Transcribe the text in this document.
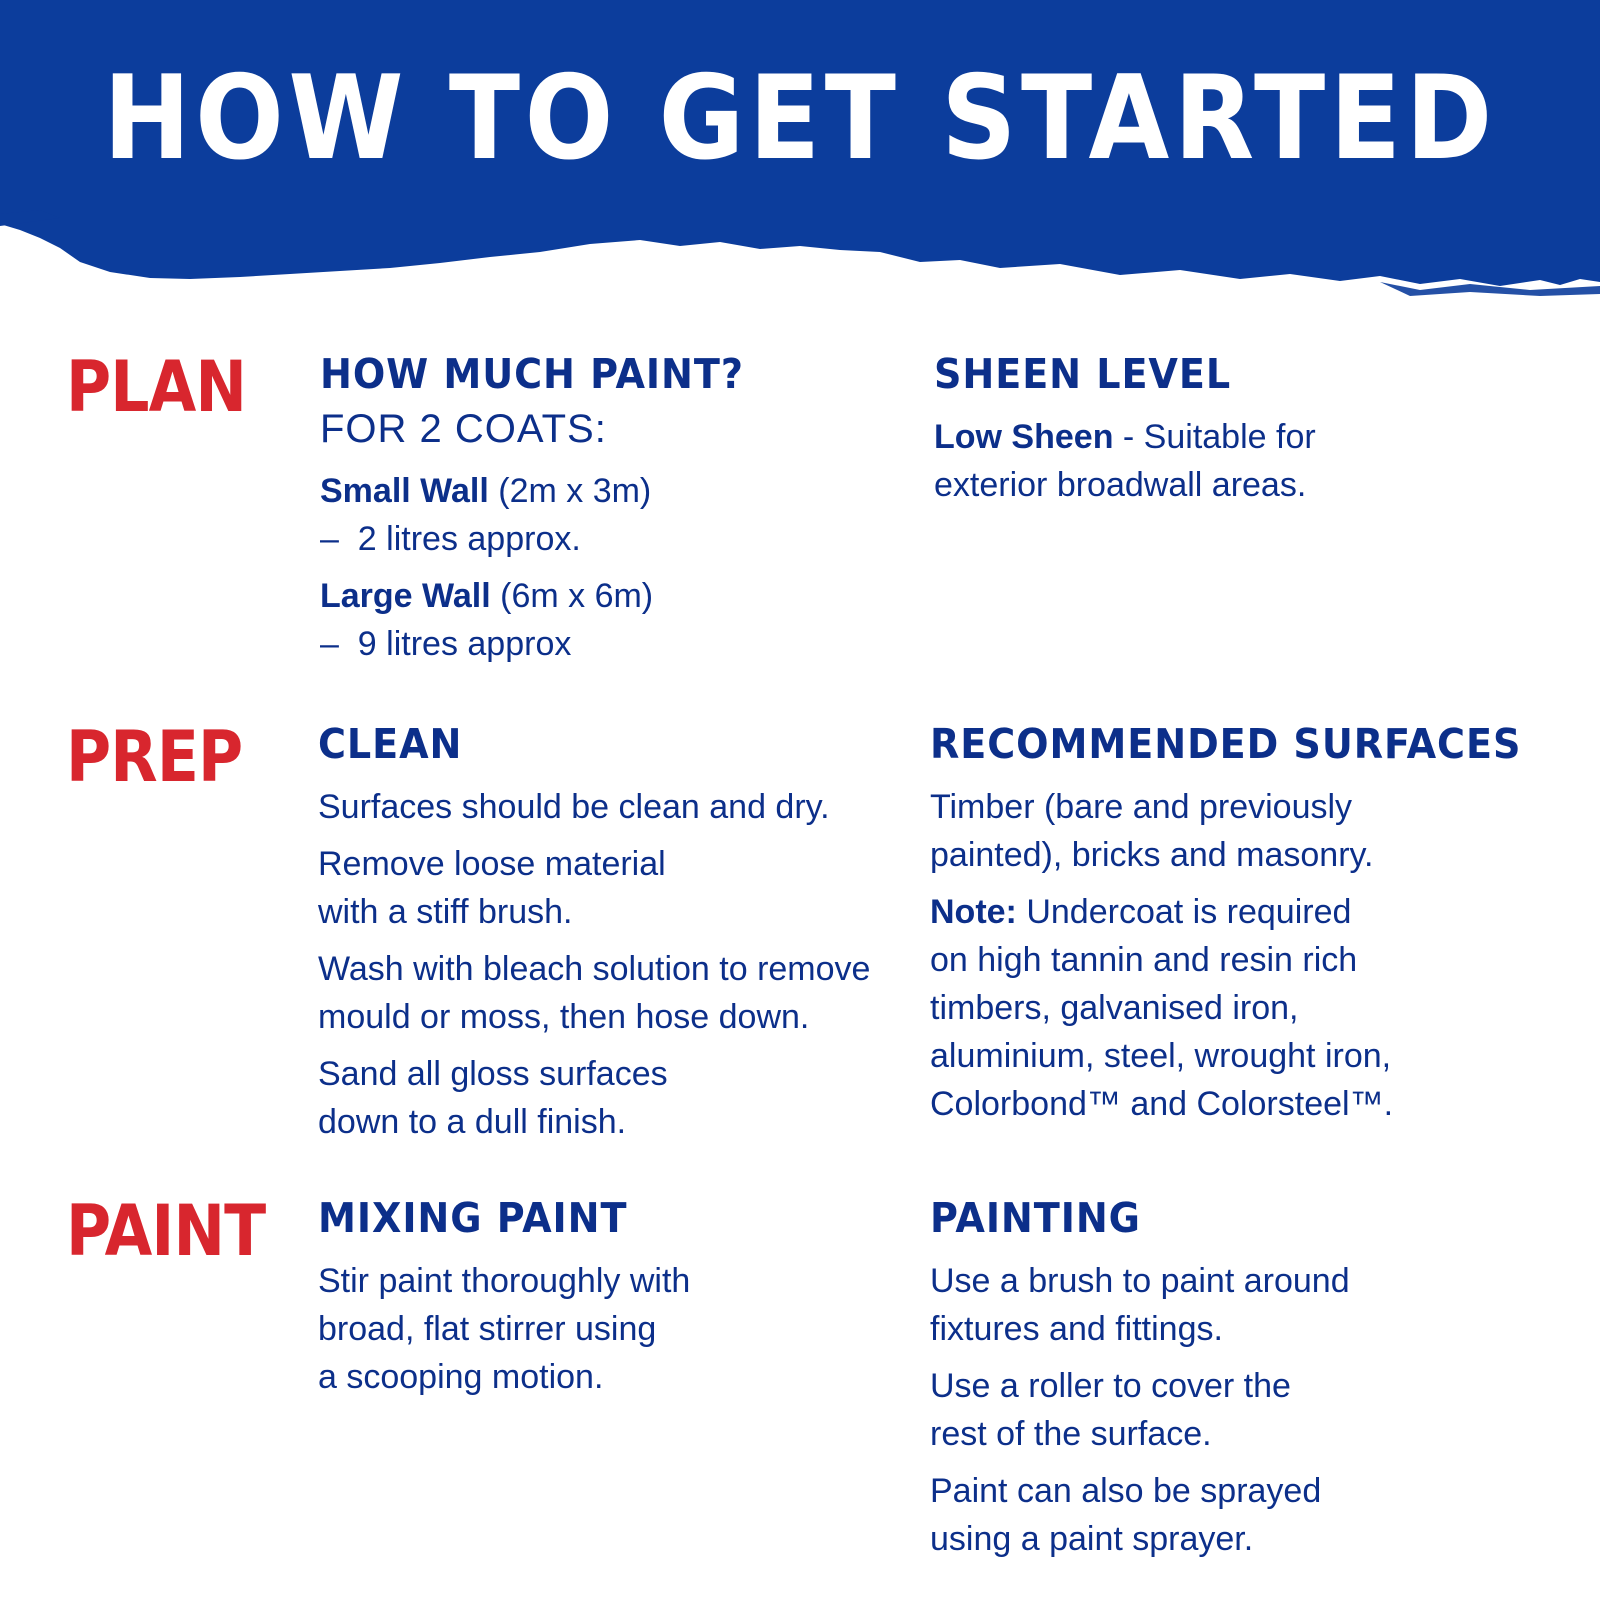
HOW TO GET STARTED
PLAN HOW MUCH PAINT?
FOR 2 COATS:

Small Wall (2m x 3m)
–  2 litres approx.

Large Wall (6m x 6m)
–  9 litres approx

SHEEN LEVEL

Low Sheen - Suitable for
exterior broadwall areas.

PREP CLEAN

Surfaces should be clean and dry.

Remove loose material
with a stiff brush.

Wash with bleach solution to remove
mould or moss, then hose down.

Sand all gloss surfaces
down to a dull finish.

RECOMMENDED SURFACES

Timber (bare and previously
painted), bricks and masonry.

Note: Undercoat is required
on high tannin and resin rich
timbers, galvanised iron,
aluminium, steel, wrought iron,
Colorbond™ and Colorsteel™.

PAINT MIXING PAINT

Stir paint thoroughly with
broad, flat stirrer using
a scooping motion.

PAINTING

Use a brush to paint around
fixtures and fittings.

Use a roller to cover the
rest of the surface.

Paint can also be sprayed
using a paint sprayer.
